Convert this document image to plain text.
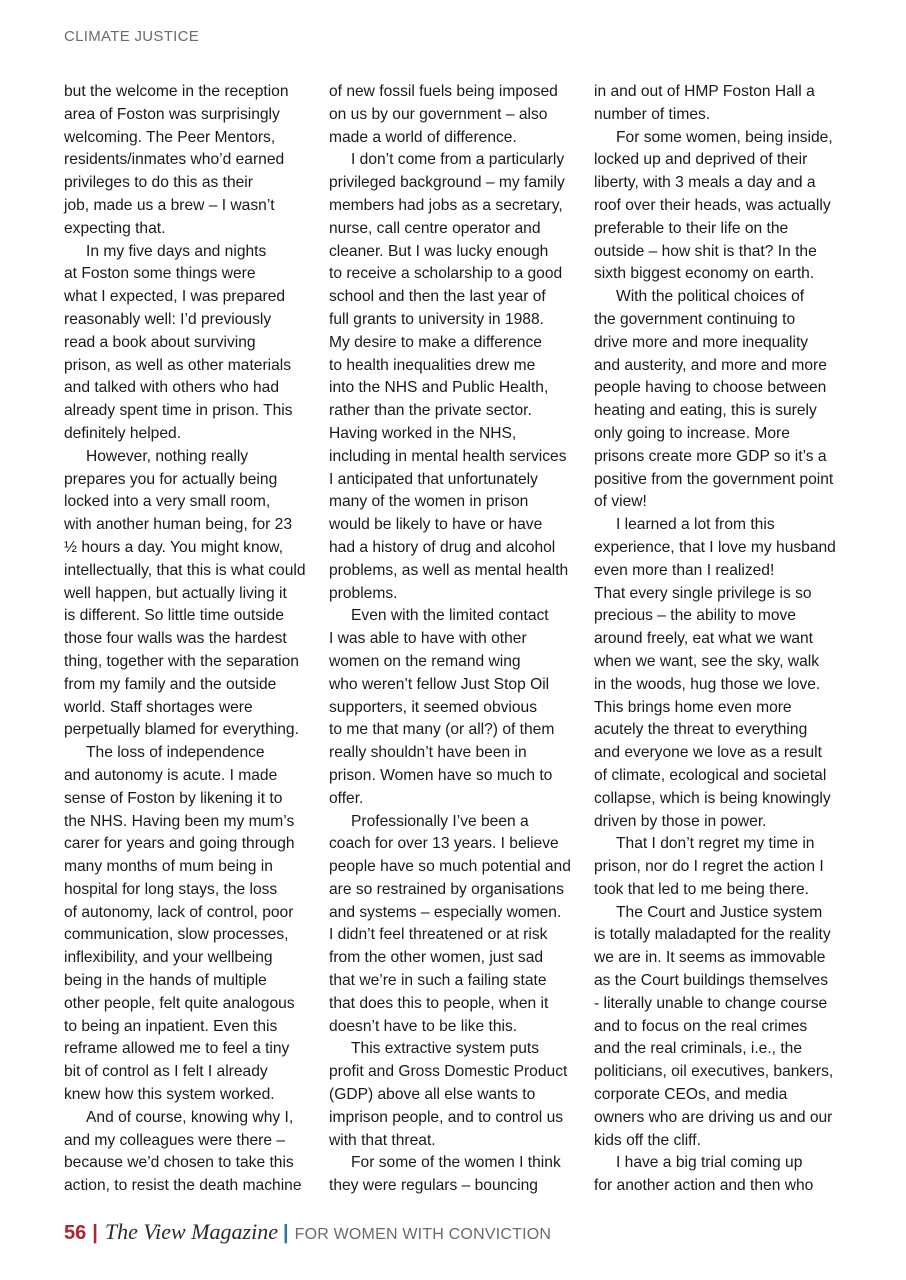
CLIMATE JUSTICE
but the welcome in the reception
area of Foston was surprisingly
welcoming. The Peer Mentors,
residents/inmates who’d earned
privileges to do this as their
job, made us a brew – I wasn’t
expecting that.
In my five days and nights
at Foston some things were
what I expected, I was prepared
reasonably well: I’d previously
read a book about surviving
prison, as well as other materials
and talked with others who had
already spent time in prison. This
definitely helped.
However, nothing really
prepares you for actually being
locked into a very small room,
with another human being, for 23
½ hours a day. You might know,
intellectually, that this is what could
well happen, but actually living it
is different. So little time outside
those four walls was the hardest
thing, together with the separation
from my family and the outside
world. Staff shortages were
perpetually blamed for everything.
The loss of independence
and autonomy is acute. I made
sense of Foston by likening it to
the NHS. Having been my mum’s
carer for years and going through
many months of mum being in
hospital for long stays, the loss
of autonomy, lack of control, poor
communication, slow processes,
inflexibility, and your wellbeing
being in the hands of multiple
other people, felt quite analogous
to being an inpatient. Even this
reframe allowed me to feel a tiny
bit of control as I felt I already
knew how this system worked.
And of course, knowing why I,
and my colleagues were there –
because we’d chosen to take this
action, to resist the death machine
of new fossil fuels being imposed
on us by our government – also
made a world of difference.
I don’t come from a particularly
privileged background – my family
members had jobs as a secretary,
nurse, call centre operator and
cleaner. But I was lucky enough
to receive a scholarship to a good
school and then the last year of
full grants to university in 1988.
My desire to make a difference
to health inequalities drew me
into the NHS and Public Health,
rather than the private sector.
Having worked in the NHS,
including in mental health services
I anticipated that unfortunately
many of the women in prison
would be likely to have or have
had a history of drug and alcohol
problems, as well as mental health
problems.
Even with the limited contact
I was able to have with other
women on the remand wing
who weren’t fellow Just Stop Oil
supporters, it seemed obvious
to me that many (or all?) of them
really shouldn’t have been in
prison. Women have so much to
offer.
Professionally I’ve been a
coach for over 13 years. I believe
people have so much potential and
are so restrained by organisations
and systems – especially women.
I didn’t feel threatened or at risk
from the other women, just sad
that we’re in such a failing state
that does this to people, when it
doesn’t have to be like this.
This extractive system puts
profit and Gross Domestic Product
(GDP) above all else wants to
imprison people, and to control us
with that threat.
For some of the women I think
they were regulars – bouncing
in and out of HMP Foston Hall a
number of times.
For some women, being inside,
locked up and deprived of their
liberty, with 3 meals a day and a
roof over their heads, was actually
preferable to their life on the
outside – how shit is that? In the
sixth biggest economy on earth.
With the political choices of
the government continuing to
drive more and more inequality
and austerity, and more and more
people having to choose between
heating and eating, this is surely
only going to increase. More
prisons create more GDP so it’s a
positive from the government point
of view!
I learned a lot from this
experience, that I love my husband
even more than I realized!
That every single privilege is so
precious – the ability to move
around freely, eat what we want
when we want, see the sky, walk
in the woods, hug those we love.
This brings home even more
acutely the threat to everything
and everyone we love as a result
of climate, ecological and societal
collapse, which is being knowingly
driven by those in power.
That I don’t regret my time in
prison, nor do I regret the action I
took that led to me being there.
The Court and Justice system
is totally maladapted for the reality
we are in. It seems as immovable
as the Court buildings themselves
- literally unable to change course
and to focus on the real crimes
and the real criminals, i.e., the
politicians, oil executives, bankers,
corporate CEOs, and media
owners who are driving us and our
kids off the cliff.
I have a big trial coming up
for another action and then who
56 | The View Magazine | FOR WOMEN WITH CONVICTION
